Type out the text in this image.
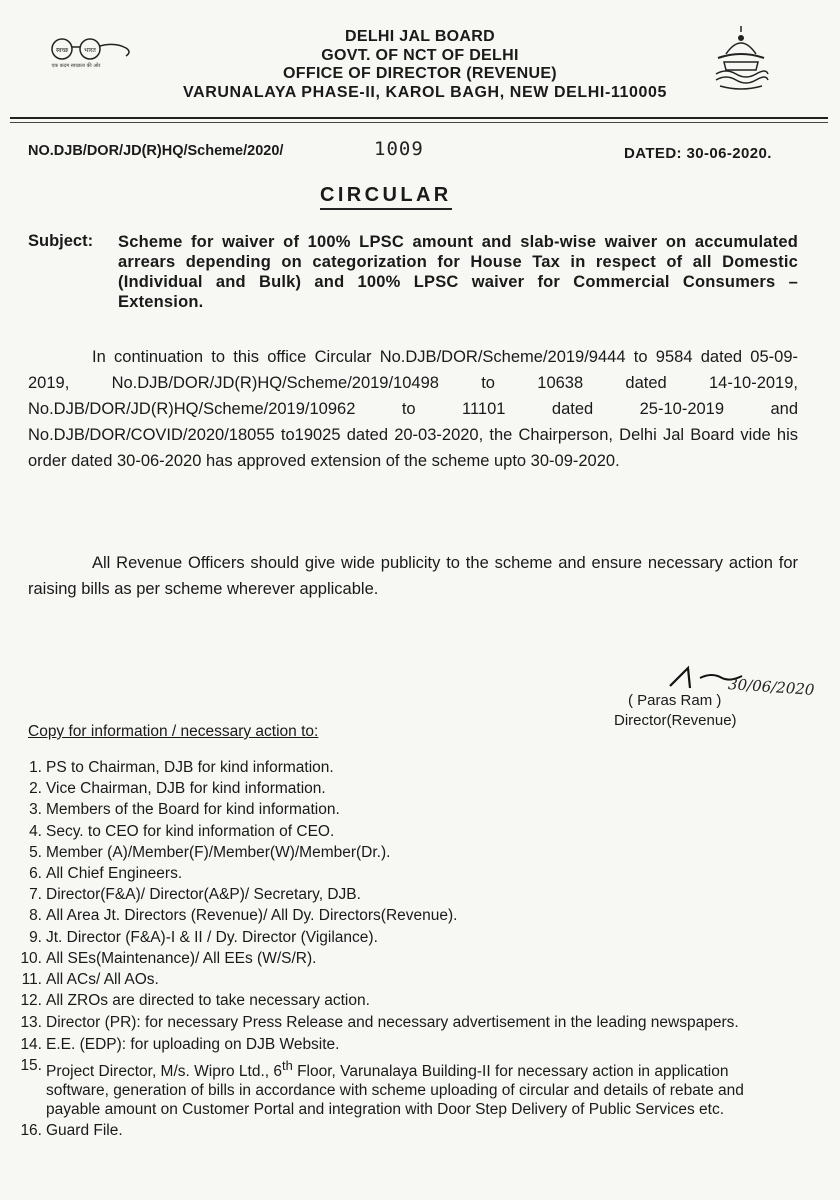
स्वच्छ	भारत
एक कदम स्वच्छता की ओर
DELHI JAL BOARD
GOVT. OF NCT OF DELHI
OFFICE OF DIRECTOR (REVENUE)
VARUNALAYA PHASE-II, KAROL BAGH, NEW DELHI-110005
NO.DJB/DOR/JD(R)HQ/Scheme/2020/	1009	DATED: 30-06-2020.
CIRCULAR
Subject: Scheme for waiver of 100% LPSC amount and slab-wise waiver on accumulated arrears depending on categorization for House Tax in respect of all Domestic (Individual and Bulk) and 100% LPSC waiver for Commercial Consumers – Extension.
In continuation to this office Circular No.DJB/DOR/Scheme/2019/9444 to 9584 dated 05-09-2019, No.DJB/DOR/JD(R)HQ/Scheme/2019/10498 to 10638 dated 14-10-2019, No.DJB/DOR/JD(R)HQ/Scheme/2019/10962 to 11101 dated 25-10-2019 and No.DJB/DOR/COVID/2020/18055 to19025 dated 20-03-2020, the Chairperson, Delhi Jal Board vide his order dated 30-06-2020 has approved extension of the scheme upto 30-09-2020.
All Revenue Officers should give wide publicity to the scheme and ensure necessary action for raising bills as per scheme wherever applicable.
30/06/2020
( Paras Ram )
Director(Revenue)
Copy for information / necessary action to:
1. PS to Chairman, DJB for kind information.
2. Vice Chairman, DJB for kind information.
3. Members of the Board for kind information.
4. Secy. to CEO for kind information of CEO.
5. Member (A)/Member(F)/Member(W)/Member(Dr.).
6. All Chief Engineers.
7. Director(F&A)/ Director(A&P)/ Secretary, DJB.
8. All Area Jt. Directors (Revenue)/ All Dy. Directors(Revenue).
9. Jt. Director (F&A)-I & II / Dy. Director (Vigilance).
10. All SEs(Maintenance)/ All EEs (W/S/R).
11. All ACs/ All AOs.
12. All ZROs are directed to take necessary action.
13. Director (PR): for necessary Press Release and necessary advertisement in the leading newspapers.
14. E.E. (EDP): for uploading on DJB Website.
15. Project Director, M/s. Wipro Ltd., 6th Floor, Varunalaya Building-II for necessary action in application software, generation of bills in accordance with scheme uploading of circular and details of rebate and payable amount on Customer Portal and integration with Door Step Delivery of Public Services etc.
16. Guard File.
